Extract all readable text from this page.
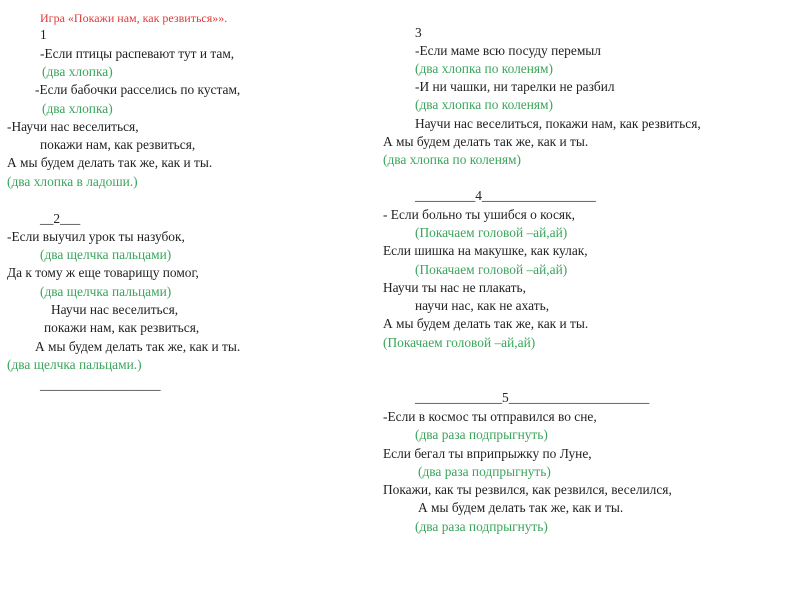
Игра «Покажи нам, как резвиться»».
1
-Если птицы распевают тут и там,
(два хлопка)
-Если бабочки расселись по кустам,
(два хлопка)
-Научи нас веселиться,
покажи нам, как резвиться,
А мы будем делать так же, как и ты.
(два хлопка в ладоши.)
__2___
-Если выучил урок ты назубок,
(два щелчка пальцами)
Да к тому ж еще товарищу помог,
(два щелчка пальцами)
Научи нас веселиться,
покажи нам, как резвиться,
А мы будем делать так же, как и ты.
(два щелчка пальцами.)
__________________
3
-Если маме всю посуду перемыл
(два хлопка по коленям)
-И ни чашки, ни тарелки не разбил
(два хлопка по коленям)
Научи нас веселиться, покажи нам, как резвиться,
А мы будем делать так же, как и ты.
(два хлопка по коленям)
_________4_________________
- Если больно ты ушибся о косяк,
(Покачаем головой –ай,ай)
Если шишка на макушке, как кулак,
(Покачаем головой –ай,ай)
Научи ты нас не плакать,
научи нас, как не ахать,
А мы будем делать так же, как и ты.
(Покачаем головой –ай,ай)
_____________5_____________________
-Если в космос ты отправился во сне,
(два раза подпрыгнуть)
Если бегал ты вприпрыжку по Луне,
(два раза подпрыгнуть)
Покажи, как ты резвился, как резвился, веселился,
А мы будем делать так же, как и ты.
(два раза подпрыгнуть)
